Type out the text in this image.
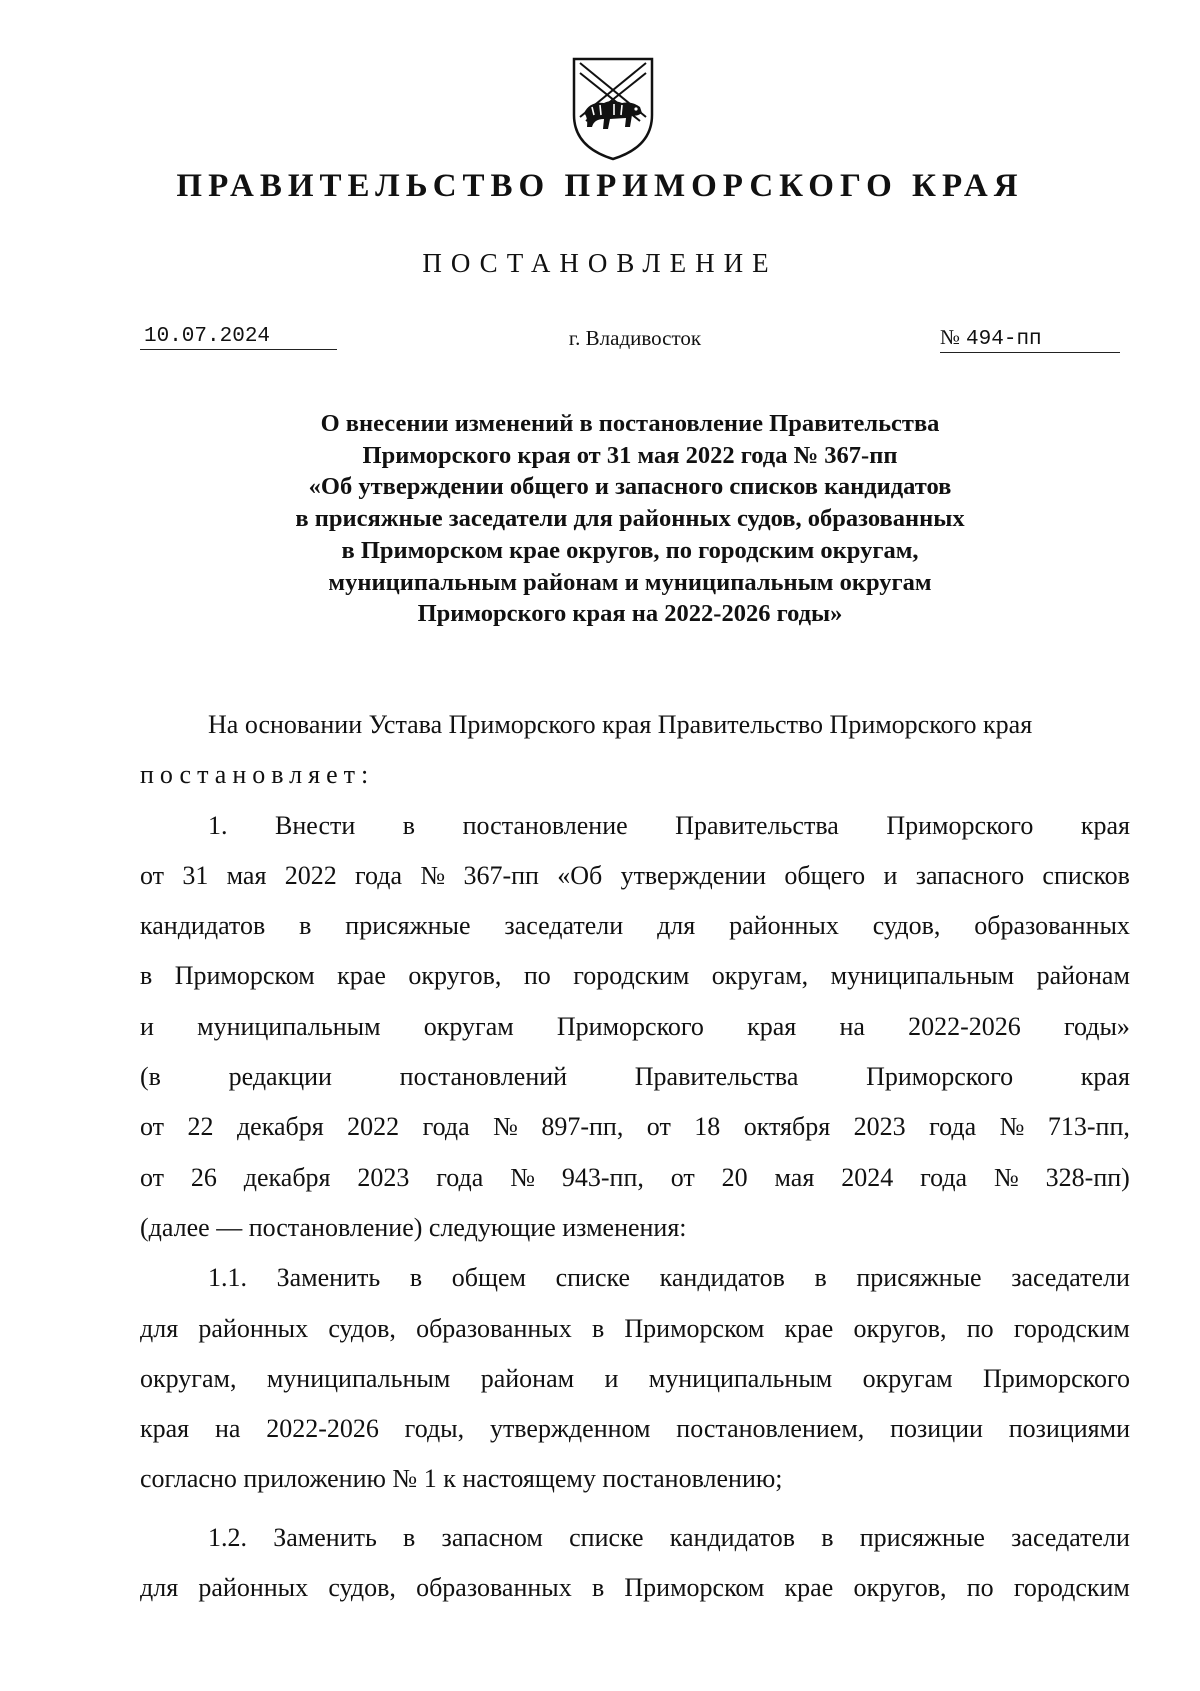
ПРАВИТЕЛЬСТВО ПРИМОРСКОГО КРАЯ
ПОСТАНОВЛЕНИЕ
10.07.2024	г. Владивосток	№ 494-пп
О внесении изменений в постановление Правительства
Приморского края от 31 мая 2022 года № 367-пп
«Об утверждении общего и запасного списков кандидатов
в присяжные заседатели для районных судов, образованных
в Приморском крае округов, по городским округам,
муниципальным районам и муниципальным округам
Приморского края на 2022-2026 годы»
На основании Устава Приморского края Правительство Приморского края
постановляет:
1. Внести в постановление Правительства Приморского края
от 31 мая 2022 года № 367-пп «Об утверждении общего и запасного списков
кандидатов в присяжные заседатели для районных судов, образованных
в Приморском крае округов, по городским округам, муниципальным районам
и муниципальным округам Приморского края на 2022-2026 годы»
(в	редакции	постановлений	Правительства	Приморского	края
от 22 декабря 2022 года № 897-пп, от 18 октября 2023 года № 713-пп,
от 26 декабря 2023 года № 943-пп, от 20 мая 2024 года № 328-пп)
(далее — постановление) следующие изменения:
1.1. Заменить в общем списке кандидатов в присяжные заседатели
для районных судов, образованных в Приморском крае округов, по городским
округам, муниципальным районам и муниципальным округам Приморского
края на 2022-2026 годы, утвержденном постановлением, позиции позициями
согласно приложению № 1 к настоящему постановлению;
1.2. Заменить в запасном списке кандидатов в присяжные заседатели
для районных судов, образованных в Приморском крае округов, по городским
